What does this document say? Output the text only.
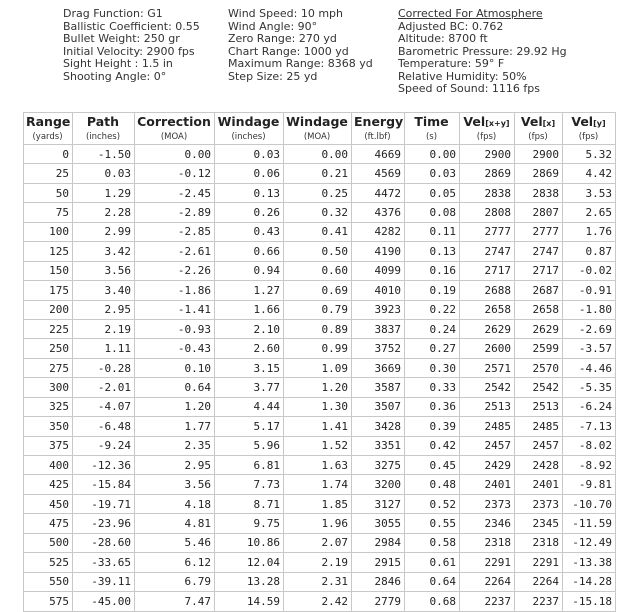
Drag Function: G1
Ballistic Coefficient: 0.55
Bullet Weight: 250 gr
Initial Velocity: 2900 fps
Sight Height : 1.5 in
Shooting Angle: 0°
Wind Speed: 10 mph
Wind Angle: 90°
Zero Range: 270 yd
Chart Range: 1000 yd
Maximum Range: 8368 yd
Step Size: 25 yd
Corrected For Atmosphere
Adjusted BC: 0.762
Altitude: 8700 ft
Barometric Pressure: 29.92 Hg
Temperature: 59° F
Relative Humidity: 50%
Speed of Sound: 1116 fps
Range	Path	Correction	Windage	Windage	Energy	Time	Vel[x+y]	Vel[x]	Vel[y]
(yards)	(inches)	(MOA)	(inches)	(MOA)	(ft.lbf)	(s)	(fps)	(fps)	(fps)
0	-1.50	0.00	0.03	0.00	4669	0.00	2900	2900	5.32
25	0.03	-0.12	0.06	0.21	4569	0.03	2869	2869	4.42
50	1.29	-2.45	0.13	0.25	4472	0.05	2838	2838	3.53
75	2.28	-2.89	0.26	0.32	4376	0.08	2808	2807	2.65
100	2.99	-2.85	0.43	0.41	4282	0.11	2777	2777	1.76
125	3.42	-2.61	0.66	0.50	4190	0.13	2747	2747	0.87
150	3.56	-2.26	0.94	0.60	4099	0.16	2717	2717	-0.02
175	3.40	-1.86	1.27	0.69	4010	0.19	2688	2687	-0.91
200	2.95	-1.41	1.66	0.79	3923	0.22	2658	2658	-1.80
225	2.19	-0.93	2.10	0.89	3837	0.24	2629	2629	-2.69
250	1.11	-0.43	2.60	0.99	3752	0.27	2600	2599	-3.57
275	-0.28	0.10	3.15	1.09	3669	0.30	2571	2570	-4.46
300	-2.01	0.64	3.77	1.20	3587	0.33	2542	2542	-5.35
325	-4.07	1.20	4.44	1.30	3507	0.36	2513	2513	-6.24
350	-6.48	1.77	5.17	1.41	3428	0.39	2485	2485	-7.13
375	-9.24	2.35	5.96	1.52	3351	0.42	2457	2457	-8.02
400	-12.36	2.95	6.81	1.63	3275	0.45	2429	2428	-8.92
425	-15.84	3.56	7.73	1.74	3200	0.48	2401	2401	-9.81
450	-19.71	4.18	8.71	1.85	3127	0.52	2373	2373	-10.70
475	-23.96	4.81	9.75	1.96	3055	0.55	2346	2345	-11.59
500	-28.60	5.46	10.86	2.07	2984	0.58	2318	2318	-12.49
525	-33.65	6.12	12.04	2.19	2915	0.61	2291	2291	-13.38
550	-39.11	6.79	13.28	2.31	2846	0.64	2264	2264	-14.28
575	-45.00	7.47	14.59	2.42	2779	0.68	2237	2237	-15.18
